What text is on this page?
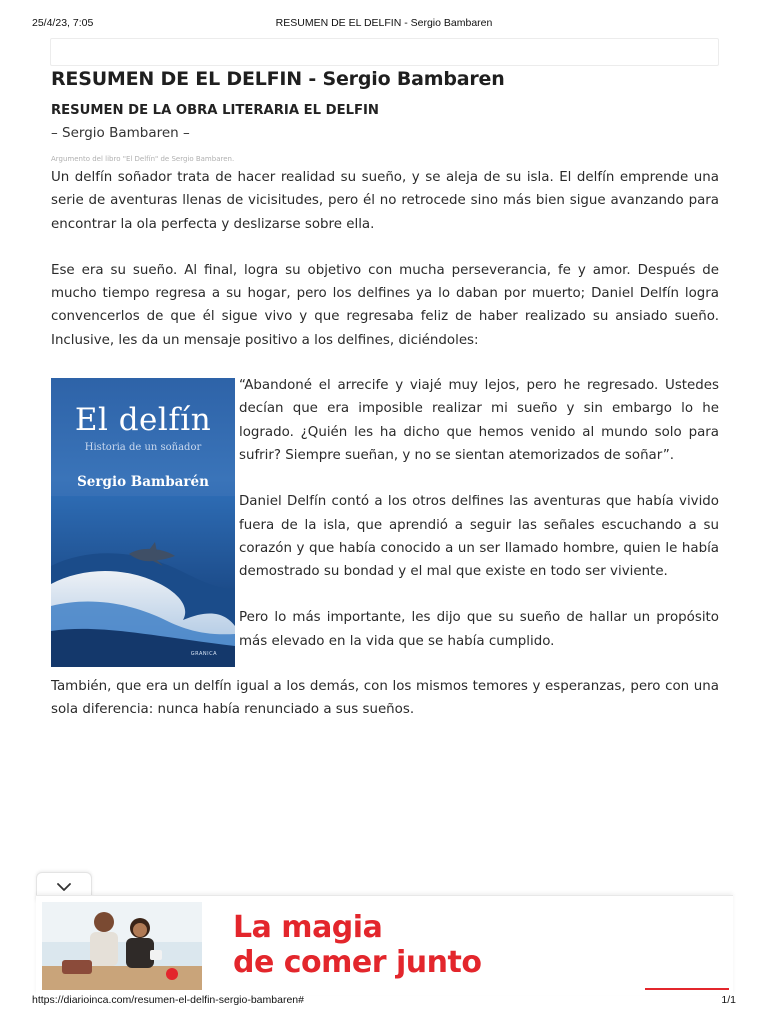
25/4/23, 7:05	RESUMEN DE EL DELFIN - Sergio Bambaren
RESUMEN DE EL DELFIN - Sergio Bambaren
RESUMEN DE LA OBRA LITERARIA EL DELFIN

– Sergio Bambaren –

Argumento del libro "El Delfín" de Sergio Bambaren.

Un delfín soñador trata de hacer realidad su sueño, y se aleja de su isla. El delfín emprende una serie de aventuras llenas de vicisitudes, pero él no retrocede sino más bien sigue avanzando para encontrar la ola perfecta y deslizarse sobre ella.

Ese era su sueño. Al final, logra su objetivo con mucha perseverancia, fe y amor. Después de mucho tiempo regresa a su hogar, pero los delfines ya lo daban por muerto; Daniel Delfín logra convencerlos de que él sigue vivo y que regresaba feliz de haber realizado su ansiado sueño. Inclusive, les da un mensaje positivo a los delfines, diciéndoles:

El delfín
Historia de un soñador
Sergio Bambarén
GRANICA

“Abandoné el arrecife y viajé muy lejos, pero he regresado. Ustedes decían que era imposible realizar mi sueño y sin embargo lo he logrado. ¿Quién les ha dicho que hemos venido al mundo solo para sufrir? Siempre sueñan, y no se sientan atemorizados de soñar”.

Daniel Delfín contó a los otros delfines las aventuras que había vivido fuera de la isla, que aprendió a seguir las señales escuchando a su corazón y que había conocido a un ser llamado hombre, quien le había demostrado su bondad y el mal que existe en todo ser viviente.

Pero lo más importante, les dijo que su sueño de hallar un propósito más elevado en la vida que se había cumplido.

También, que era un delfín igual a los demás, con los mismos temores y esperanzas, pero con una sola diferencia: nunca había renunciado a sus sueños.

La magia
de comer junto
https://diarioinca.com/resumen-el-delfin-sergio-bambaren#	1/1
